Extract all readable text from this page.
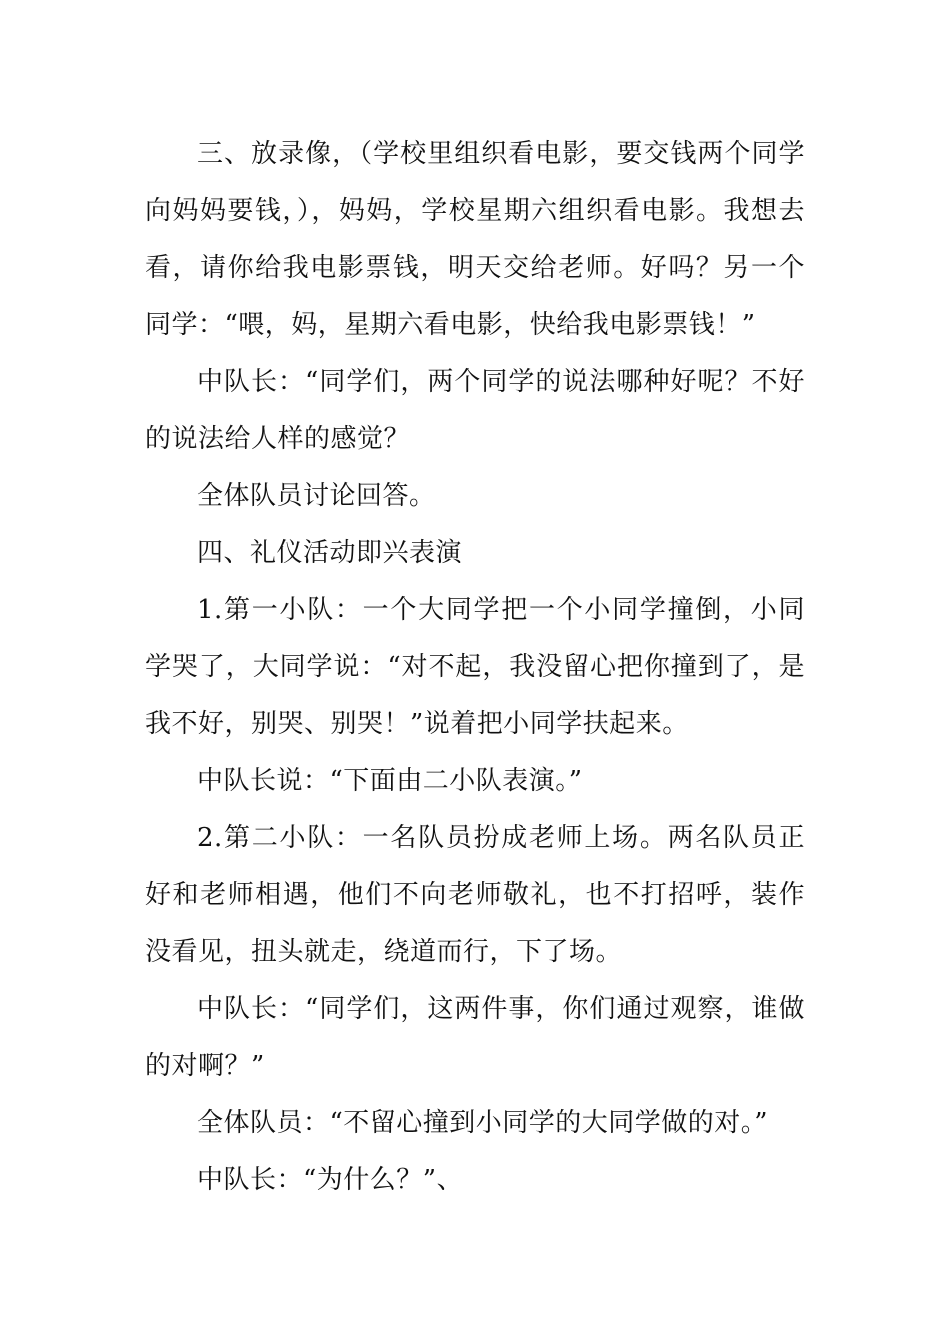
三、放录像，（学校里组织看电影，要交钱两个同学向妈妈要钱，），妈妈，学校星期六组织看电影。我想去看，请你给我电影票钱，明天交给老师。好吗？另一个同学：“喂，妈，星期六看电影，快给我电影票钱！”

中队长：“同学们，两个同学的说法哪种好呢？不好的说法给人样的感觉？

全体队员讨论回答。

四、礼仪活动即兴表演

1.第一小队：一个大同学把一个小同学撞倒，小同学哭了，大同学说：“对不起，我没留心把你撞到了，是我不好，别哭、别哭！”说着把小同学扶起来。

中队长说：“下面由二小队表演。”

2.第二小队：一名队员扮成老师上场。两名队员正好和老师相遇，他们不向老师敬礼，也不打招呼，装作没看见，扭头就走，绕道而行，下了场。

中队长：“同学们，这两件事，你们通过观察，谁做的对啊？”

全体队员：“不留心撞到小同学的大同学做的对。”

中队长：“为什么？”、
